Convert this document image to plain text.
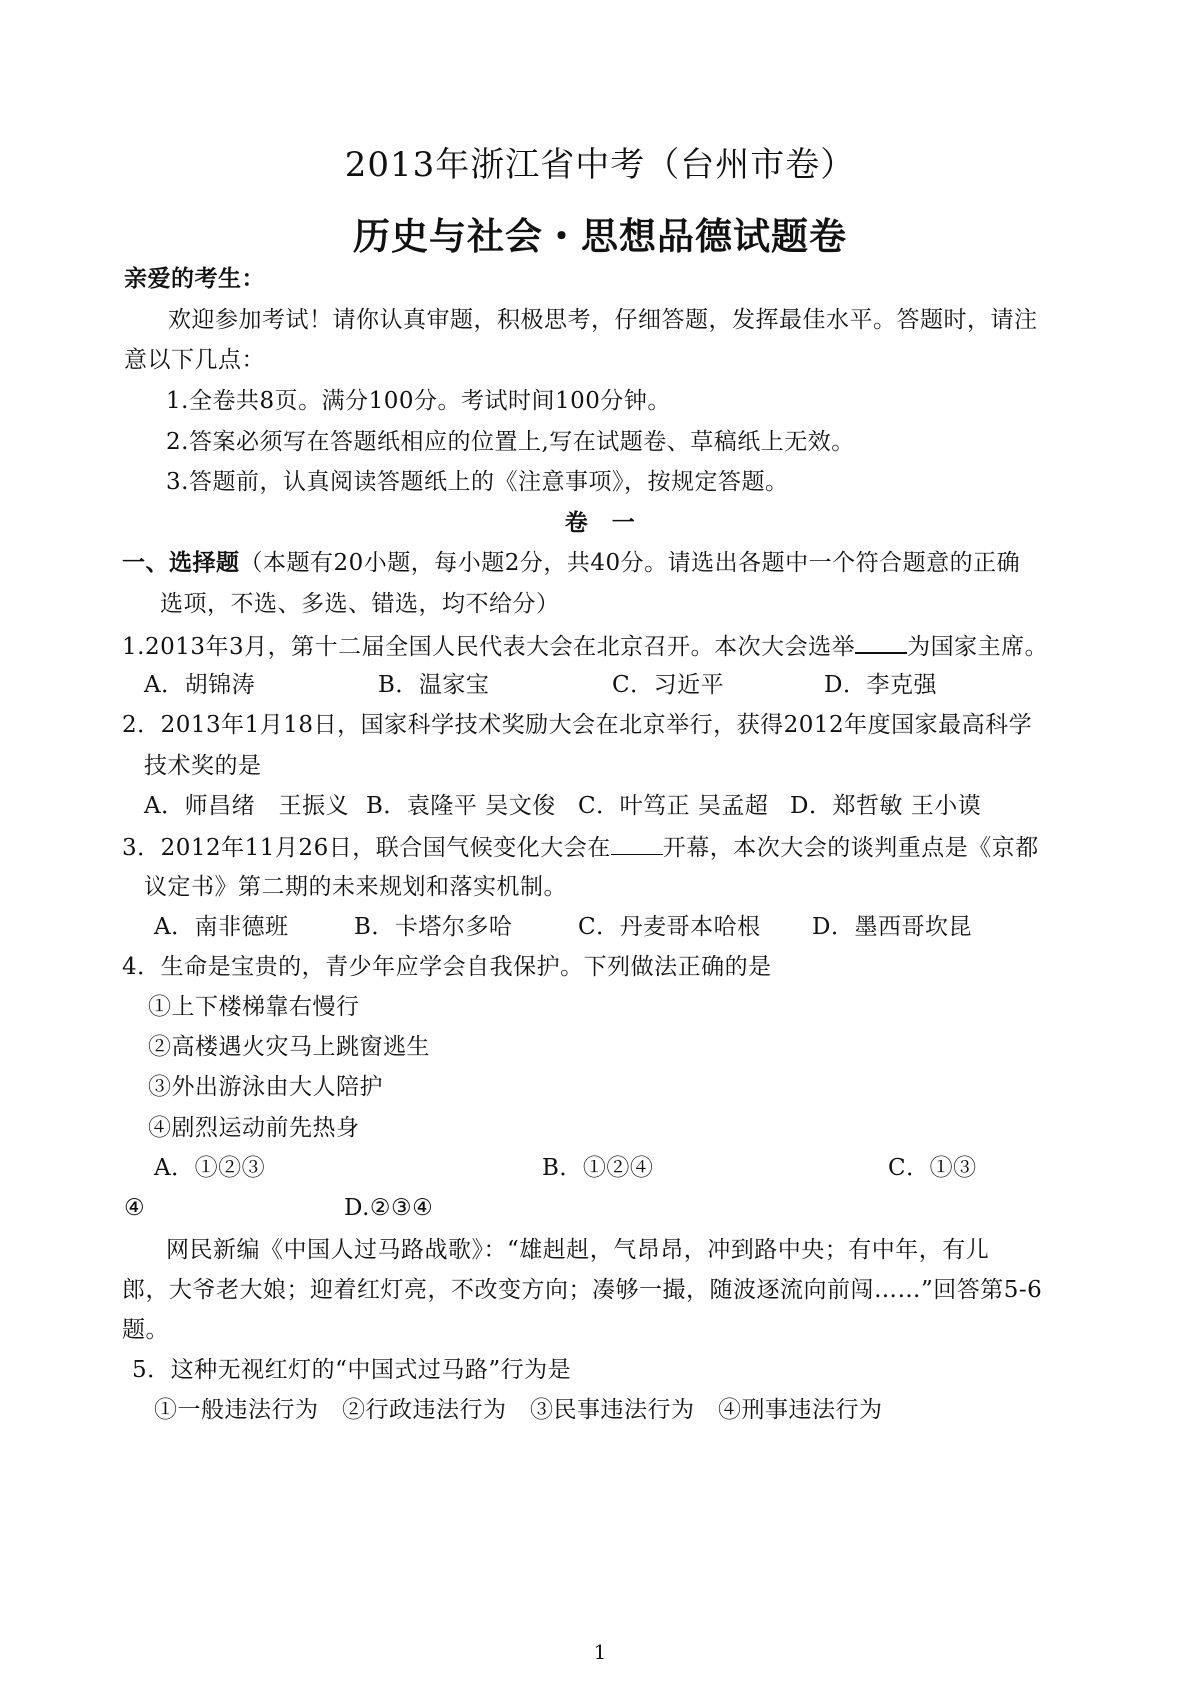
2013年浙江省中考（台州市卷）
历史与社会・思想品德试题卷
亲爱的考生：
欢迎参加考试！请你认真审题，积极思考，仔细答题，发挥最佳水平。答题时，请注
意以下几点：
1.全卷共8页。满分100分。考试时间100分钟。
2.答案必须写在答题纸相应的位置上,写在试题卷、草稿纸上无效。
3.答题前，认真阅读答题纸上的《注意事项》，按规定答题。
卷　一
一、选择题（本题有20小题，每小题2分，共40分。请选出各题中一个符合题意的正确
选项，不选、多选、错选，均不给分）
1.2013年3月，第十二届全国人民代表大会在北京召开。本次大会选举 为国家主席。
A．胡锦涛	B．温家宝	C．习近平	D．李克强
2．2013年1月18日，国家科学技术奖励大会在北京举行，获得2012年度国家最高科学
技术奖的是
A．师昌绪　王振义 B．袁隆平 吴文俊 C．叶笃正 吴孟超 D．郑哲敏 王小谟
3．2012年11月26日，联合国气候变化大会在 开幕，本次大会的谈判重点是《京都
议定书》第二期的未来规划和落实机制。
A．南非德班	B．卡塔尔多哈	C．丹麦哥本哈根 D．墨西哥坎昆
4．生命是宝贵的，青少年应学会自我保护。下列做法正确的是
①上下楼梯靠右慢行
②高楼遇火灾马上跳窗逃生
③外出游泳由大人陪护
④剧烈运动前先热身
A．①②③	B．①②④	C．①③
④	D.②③④
网民新编《中国人过马路战歌》：“雄赳赳，气昂昂，冲到路中央；有中年，有儿
郎，大爷老大娘；迎着红灯亮，不改变方向；凑够一撮，随波逐流向前闯……”回答第5-6
题。
5．这种无视红灯的“中国式过马路”行为是
①一般违法行为　②行政违法行为　③民事违法行为　④刑事违法行为
1
